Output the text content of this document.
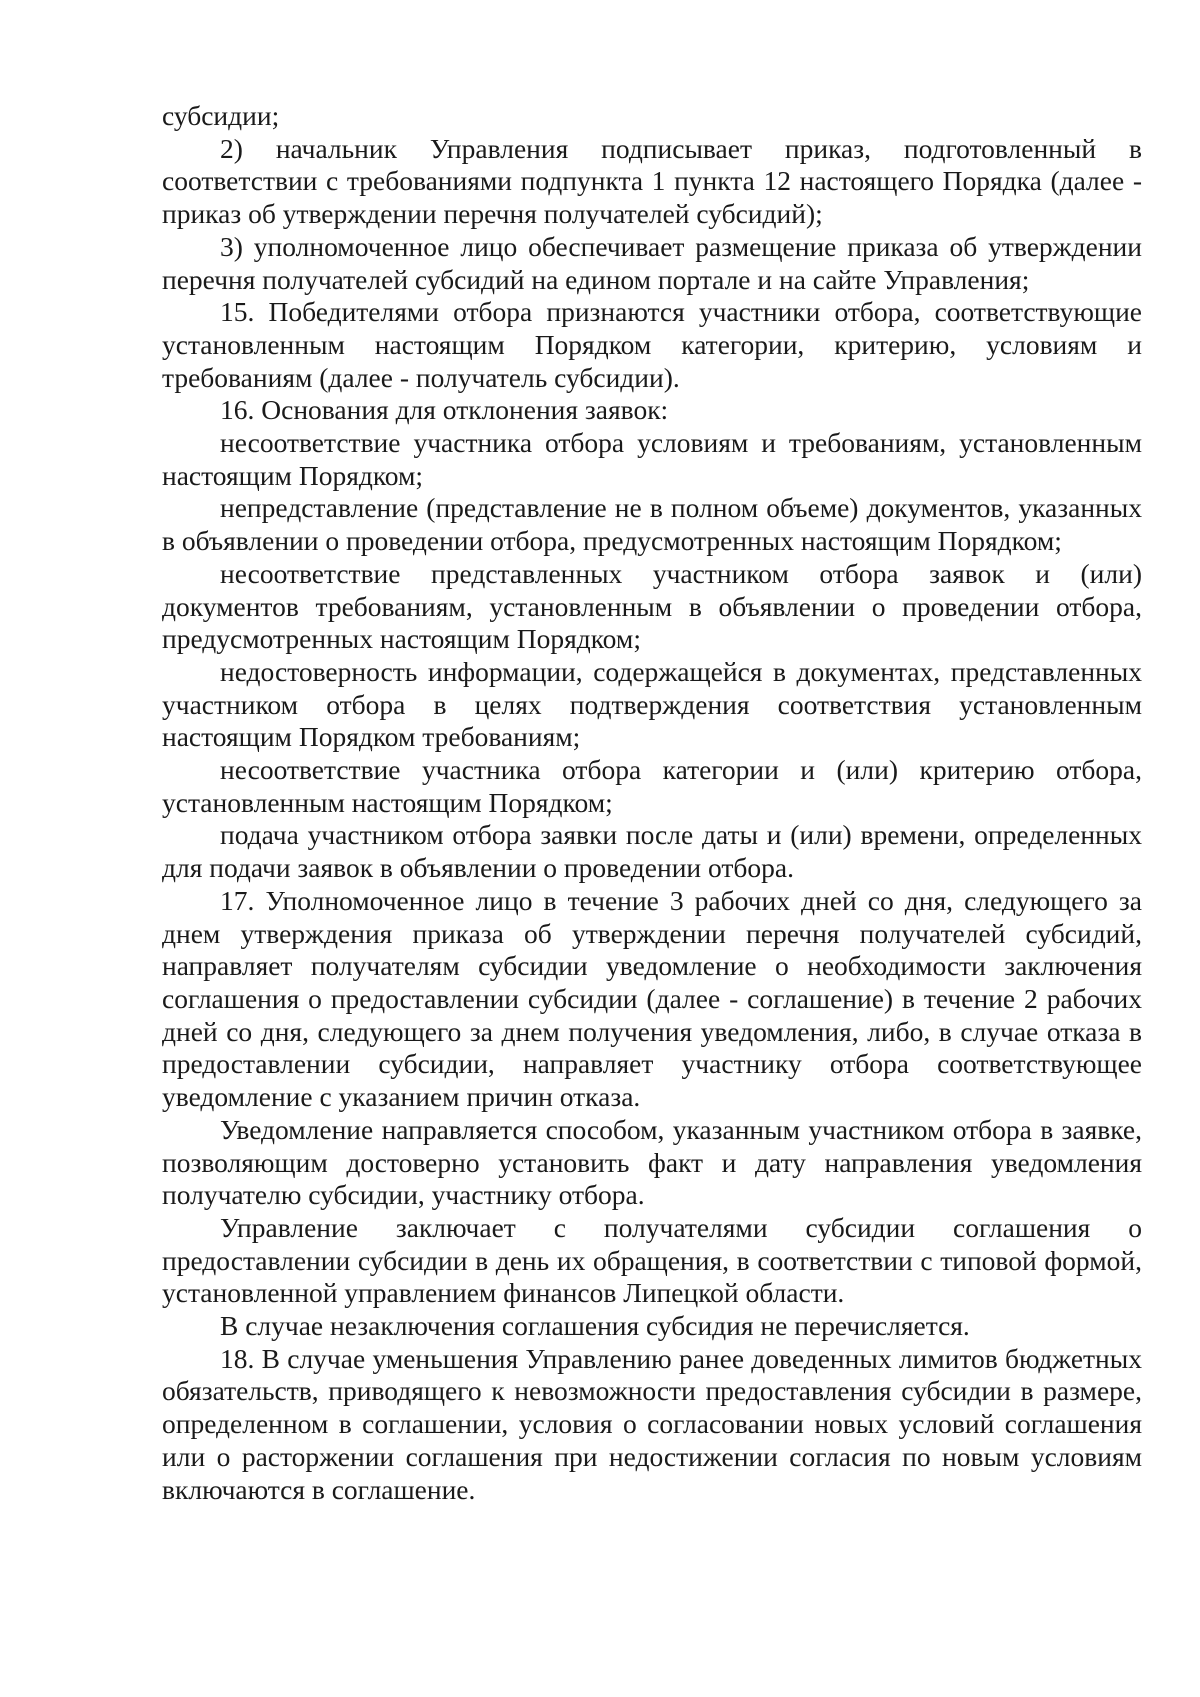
субсидии;

2) начальник Управления подписывает приказ, подготовленный в соответствии с требованиями подпункта 1 пункта 12 настоящего Порядка (далее - приказ об утверждении перечня получателей субсидий);

3) уполномоченное лицо обеспечивает размещение приказа об утверждении перечня получателей субсидий на едином портале и на сайте Управления;

15. Победителями отбора признаются участники отбора, соответствующие установленным настоящим Порядком категории, критерию, условиям и требованиям (далее - получатель субсидии).

16. Основания для отклонения заявок:

несоответствие участника отбора условиям и требованиям, установленным настоящим Порядком;

непредставление (представление не в полном объеме) документов, указанных в объявлении о проведении отбора, предусмотренных настоящим Порядком;

несоответствие представленных участником отбора заявок и (или) документов требованиям, установленным в объявлении о проведении отбора, предусмотренных настоящим Порядком;

недостоверность информации, содержащейся в документах, представленных участником отбора в целях подтверждения соответствия установленным настоящим Порядком требованиям;

несоответствие участника отбора категории и (или) критерию отбора, установленным настоящим Порядком;

подача участником отбора заявки после даты и (или) времени, определенных для подачи заявок в объявлении о проведении отбора.

17. Уполномоченное лицо в течение 3 рабочих дней со дня, следующего за днем утверждения приказа об утверждении перечня получателей субсидий, направляет получателям субсидии уведомление о необходимости заключения соглашения о предоставлении субсидии (далее - соглашение) в течение 2 рабочих дней со дня, следующего за днем получения уведомления, либо, в случае отказа в предоставлении субсидии, направляет участнику отбора соответствующее уведомление с указанием причин отказа.

Уведомление направляется способом, указанным участником отбора в заявке, позволяющим достоверно установить факт и дату направления уведомления получателю субсидии, участнику отбора.

Управление заключает с получателями субсидии соглашения о предоставлении субсидии в день их обращения, в соответствии с типовой формой, установленной управлением финансов Липецкой области.

В случае незаключения соглашения субсидия не перечисляется.

18. В случае уменьшения Управлению ранее доведенных лимитов бюджетных обязательств, приводящего к невозможности предоставления субсидии в размере, определенном в соглашении, условия о согласовании новых условий соглашения или о расторжении соглашения при недостижении согласия по новым условиям включаются в соглашение.
